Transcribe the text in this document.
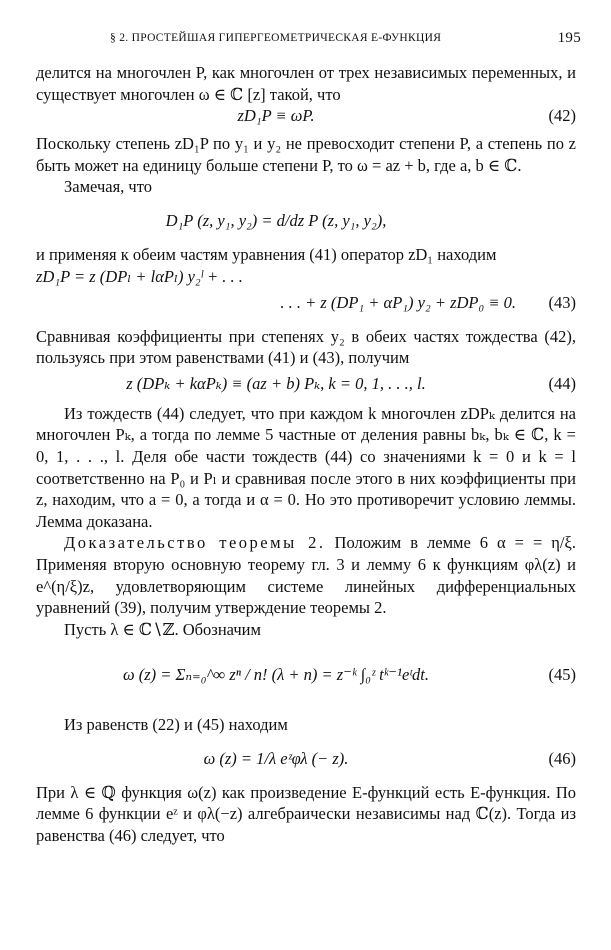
§ 2. ПРОСТЕЙШАЯ ГИПЕРГЕОМЕТРИЧЕСКАЯ E-ФУНКЦИЯ	195

делится на многочлен P, как многочлен от трех независимых переменных, и существует многочлен ω ∈ ℂ [z] такой, что

zD₁P ≡ ωP.	(42)

Поскольку степень zD₁P по y₁ и y₂ не превосходит степени P, а степень по z быть может на единицу больше степени P, то ω = az + b, где a, b ∈ ℂ.

Замечая, что

D₁P (z, y₁, y₂) = d/dz P (z, y₁, y₂),

и применяя к обеим частям уравнения (41) оператор zD₁ находим

zD₁P = z (DPₗ + lαPₗ) y₂ˡ + . . .
. . . + z (DP₁ + αP₁) y₂ + zDP₀ ≡ 0. (43)

Сравнивая коэффициенты при степенях y₂ в обеих частях тождества (42), пользуясь при этом равенствами (41) и (43), получим

z (DPₖ + kαPₖ) ≡ (az + b) Pₖ, k = 0, 1, . . ., l.	(44)

Из тождеств (44) следует, что при каждом k многочлен zDPₖ делится на многочлен Pₖ, а тогда по лемме 5 частные от деления равны bₖ, bₖ ∈ ℂ, k = 0, 1, . . ., l. Деля обе части тождеств (44) со значениями k = 0 и k = l соответственно на P₀ и Pₗ и сравнивая после этого в них коэффициенты при z, находим, что a = 0, а тогда и α = 0. Но это противоречит условию леммы. Лемма доказана.

Доказательство теоремы 2. Положим в лемме 6 α = = η/ξ. Применяя вторую основную теорему гл. 3 и лемму 6 к функциям φλ(z) и e^(η/ξ)z, удовлетворяющим системе линейных дифференциальных уравнений (39), получим утверждение теоремы 2.

Пусть λ ∈ ℂ∖ℤ. Обозначим

ω (z) = Σₙ₌₀^∞ zⁿ / n! (λ + n) = z⁻ᵏ ∫₀ᶻ tᵏ⁻¹eᵗdt.	(45)

Из равенств (22) и (45) находим

ω (z) = 1/λ eᶻφλ (− z).	(46)

При λ ∈ ℚ функция ω(z) как произведение E-функций есть E-функция. По лемме 6 функции eᶻ и φλ(−z) алгебраически независимы над ℂ(z). Тогда из равенства (46) следует, что
